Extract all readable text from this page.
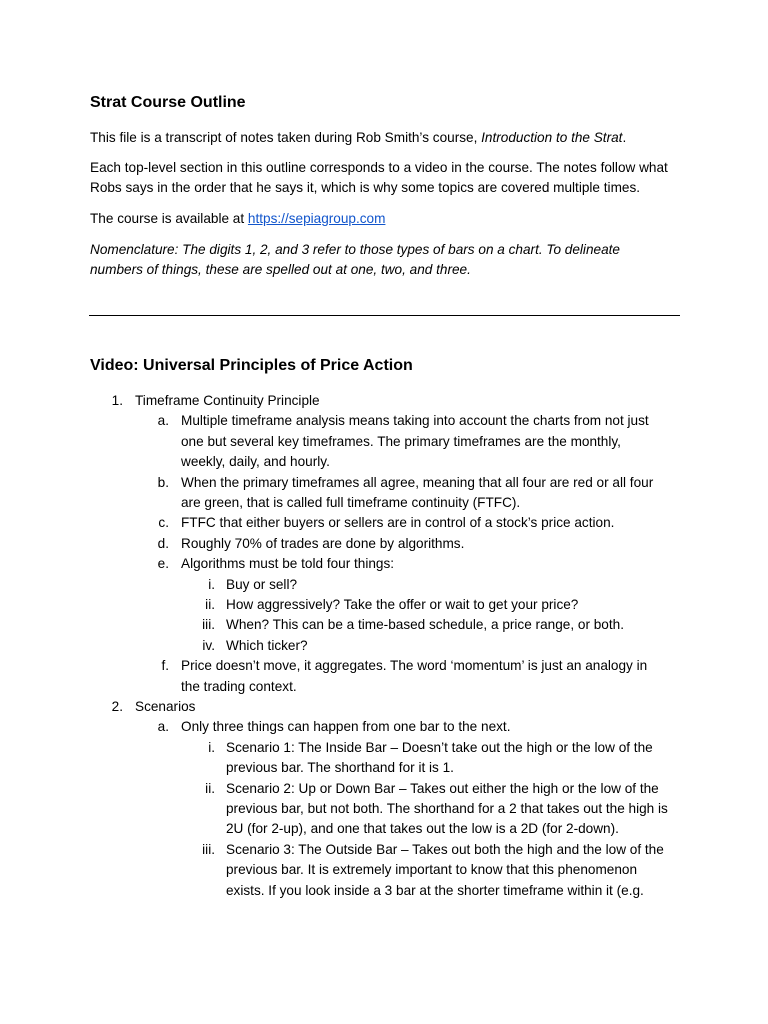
Strat Course Outline

This file is a transcript of notes taken during Rob Smith’s course, Introduction to the Strat.

Each top-level section in this outline corresponds to a video in the course. The notes follow what
Robs says in the order that he says it, which is why some topics are covered multiple times.

The course is available at https://sepiagroup.com

Nomenclature: The digits 1, 2, and 3 refer to those types of bars on a chart. To delineate
numbers of things, these are spelled out at one, two, and three.

Video: Universal Principles of Price Action
1. Timeframe Continuity Principle
a. Multiple timeframe analysis means taking into account the charts from not just
one but several key timeframes. The primary timeframes are the monthly,
weekly, daily, and hourly.
b. When the primary timeframes all agree, meaning that all four are red or all four
are green, that is called full timeframe continuity (FTFC).
c. FTFC that either buyers or sellers are in control of a stock’s price action.
d. Roughly 70% of trades are done by algorithms.
e. Algorithms must be told four things:
i. Buy or sell?
ii. How aggressively? Take the offer or wait to get your price?
iii. When? This can be a time-based schedule, a price range, or both.
iv. Which ticker?
f. Price doesn’t move, it aggregates. The word ‘momentum’ is just an analogy in
the trading context.
2. Scenarios
a. Only three things can happen from one bar to the next.
i. Scenario 1: The Inside Bar – Doesn’t take out the high or the low of the
previous bar. The shorthand for it is 1.
ii. Scenario 2: Up or Down Bar – Takes out either the high or the low of the
previous bar, but not both. The shorthand for a 2 that takes out the high is
2U (for 2-up), and one that takes out the low is a 2D (for 2-down).
iii. Scenario 3: The Outside Bar – Takes out both the high and the low of the
previous bar. It is extremely important to know that this phenomenon
exists. If you look inside a 3 bar at the shorter timeframe within it (e.g.
